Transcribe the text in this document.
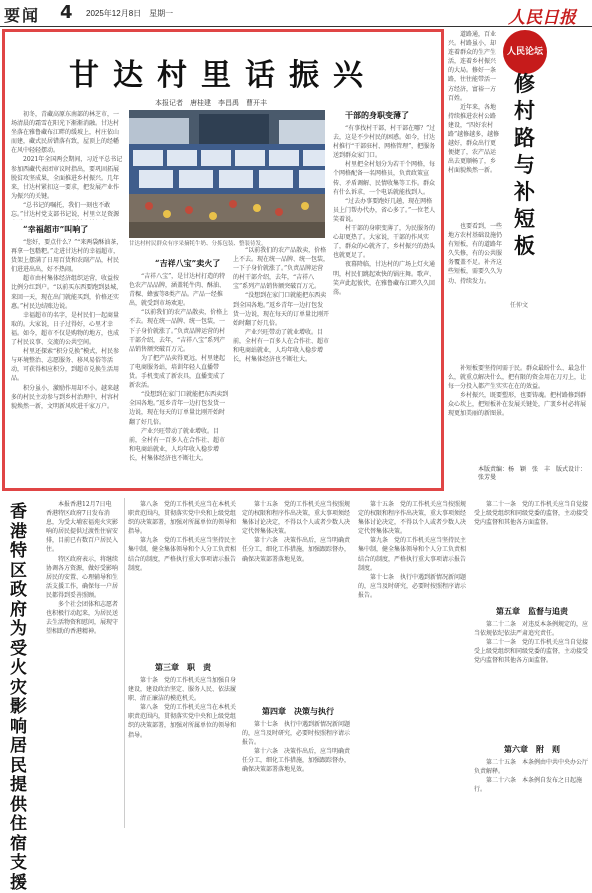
要闻 4 2025年12月8日　星期一	人民日报
甘达村里话振兴
本报记者　唐桂建　李昌禹　曹开丰

初冬，青藏高原东南部的林芝市，一场清晨的霜雪在阳光下渐渐消融。甘达村坐落在雅鲁藏布江畔的缓坡上，村庄依山而建，藏式民居错落有致，屋顶上的经幡在风中轻轻摆动。

2021年全国两会期间，习近平总书记参加西藏代表团审议时指出，要巩固拓展脱贫攻坚成果，全面推进乡村振兴。几年来，甘达村紧扣这一要求，把发展产业作为振兴的关键。

“总书记的嘱托，我们一刻也不敢忘。”甘达村党支部书记说，村里立足资源

“幸福超市”叫响了

“您好，要点什么？”“来两袋酥油茶，再拿一包糌粑。”走进甘达村的幸福超市，货架上摆满了日用百货和农副产品，村民们进进出出，好不热闹。

超市由村集体经济组织运营，收益按比例分红到户。“以前买东西要跑到县城，来回一天，现在出门就能买到，价格还实惠。”村民边结账边说。

幸福超市的名字，是村民们一起商量取的。大家说，日子过得好，心里才幸福。如今，超市不仅是购物的地方，也成了村民议事、交流的公共空间。

村里还探索“积分兑换”模式，村民参与环境整治、志愿服务、移风易俗等活动，可获得相应积分，到超市兑换生活用品。

积分虽小，激励作用却不小。越来越多的村民主动参与到乡村治理中，村容村貌焕然一新，文明新风吹进千家万户。

甘达村村民群众有序采摘牦牛奶、分拣包装、整装待发。
“吉祥八宝”卖火了

“吉祥八宝”，是甘达村打造的特色农产品品牌，涵盖牦牛肉、酥油、青稞、蜂蜜等8类产品。产品一经推出，就受到市场欢迎。

“以前我们的农产品散卖，价格上不去。现在统一品牌、统一包装，一下子身价就涨了。”负责品牌运营的村干部介绍，去年，“吉祥八宝”系列产品销售额突破百万元。

为了把产品卖得更远，村里建起了电商服务站，培训年轻人直播带货。手机变成了新农具，直播变成了新农活。

“没想到在家门口就能把东西卖到全国各地。”返乡青年一边打包发货一边说，现在每天的订单量比刚开始时翻了好几倍。

产业兴旺带动了就业增收。目前，全村有一百多人在合作社、超市和电商站就业，人均年收入稳步增长，村集体经济也不断壮大。

“以前我们的农产品散卖，价格上不去。现在统一品牌、统一包装，一下子身价就涨了。”负责品牌运营的村干部介绍，去年，“吉祥八宝”系列产品销售额突破百万元。

“没想到在家门口就能把东西卖到全国各地。”返乡青年一边打包发货一边说，现在每天的订单量比刚开始时翻了好几倍。

产业兴旺带动了就业增收。目前，全村有一百多人在合作社、超市和电商站就业，人均年收入稳步增长，村集体经济也不断壮大。

干部的身职变薄了

“有事找村干部，村干部在哪？”过去，这是不少村民的困惑。如今，甘达村推行“干部驻村、网格管理”，把服务送到群众家门口。

村里把全村划分为若干个网格，每个网格配备一名网格员，负责政策宣传、矛盾调解、民情收集等工作。群众有什么诉求，一个电话就能找到人。

“过去办事要跑好几趟，现在网格员上门帮办代办，省心多了。”一位老人笑着说。

村干部的身职变薄了，为民服务的心却更热了。大家说，干部的作风实了，群众的心就齐了，乡村振兴的劲头也就更足了。

夜幕降临，甘达村的广场上灯火通明，村民们跳起欢快的锅庄舞。歌声、笑声此起彼伏，在雅鲁藏布江畔久久回荡。

人民论坛
修村路与补短板
任仲文

道路通，百业兴。村路虽小，却连着群众的生产生活，连着乡村振兴的大局。修好一条路，往往能带活一方经济，富裕一方百姓。

近年来，各地持续推进农村公路建设，“四好农村路”越修越多，越修越好，群众出行更便捷了，农产品运出去更顺畅了，乡村面貌焕然一新。

也要看到，一些地方农村基础设施仍有短板，有的道路年久失修，有的公共服务覆盖不足。补齐这些短板，需要久久为功、持续发力。

补短板要坚持问需于民。群众最盼什么、最急什么，就重点解决什么，把有限的资金用在刀刃上，让每一分投入都产生实实在在的效益。

乡村振兴，既要塑形，也要铸魂。把村路修到群众心坎上，把短板补在发展关键处，广袤乡村必将展现更加美丽的新图景。

本版责编：杨　颖　张　丰　版式设计：张芳曼
香港特区政府为受火灾影响居民提供住宿支援

本报香港12月7日电　香港特区政府7日发布消息，为受大埔宏福苑火灾影响的居民提供过渡性住宿安排，目前已有数百户居民入住。

特区政府表示，将继续协调各方资源，做好受影响居民的安置、心理辅导和生活支援工作，确保每一户居民都得到妥善照顾。

多个社会团体和志愿者也积极行动起来，为居民送去生活物资和慰问，展现守望相助的香港精神。

第八条　党的工作机关应当在本机关职责范围内，贯彻落实党中央和上级党组织的决策部署，加强对所属单位的领导和指导。

第九条　党的工作机关应当坚持民主集中制，健全集体领导和个人分工负责相结合的制度，严格执行重大事项请示报告制度。

第三章　职　责

第十条　党的工作机关应当加强自身建设，建设政治坚定、服务人民、依法履职、清正廉洁的模范机关。

第八条　党的工作机关应当在本机关职责范围内，贯彻落实党中央和上级党组织的决策部署，加强对所属单位的领导和指导。

第十五条　党的工作机关应当按照规定的权限和程序作出决策，重大事项须经集体讨论决定，不得以个人或者少数人决定代替集体决策。

第十六条　决策作出后，应当明确责任分工，细化工作措施，加强跟踪督办，确保决策部署落地见效。

第四章　决策与执行

第十七条　执行中遇到新情况新问题的，应当及时研究，必要时按照程序请示报告。

第十六条　决策作出后，应当明确责任分工，细化工作措施，加强跟踪督办，确保决策部署落地见效。

第十五条　党的工作机关应当按照规定的权限和程序作出决策，重大事项须经集体讨论决定，不得以个人或者少数人决定代替集体决策。

第九条　党的工作机关应当坚持民主集中制，健全集体领导和个人分工负责相结合的制度，严格执行重大事项请示报告制度。

第十七条　执行中遇到新情况新问题的，应当及时研究，必要时按照程序请示报告。

第二十一条　党的工作机关应当自觉接受上级党组织和同级党委的监督，主动接受党内监督和其他各方面监督。

第五章　监督与追责

第二十二条　对违反本条例规定的，应当依规依纪依法严肃追究责任。

第二十一条　党的工作机关应当自觉接受上级党组织和同级党委的监督，主动接受党内监督和其他各方面监督。

第六章　附　则

第二十五条　本条例由中共中央办公厅负责解释。

第二十六条　本条例自发布之日起施行。
